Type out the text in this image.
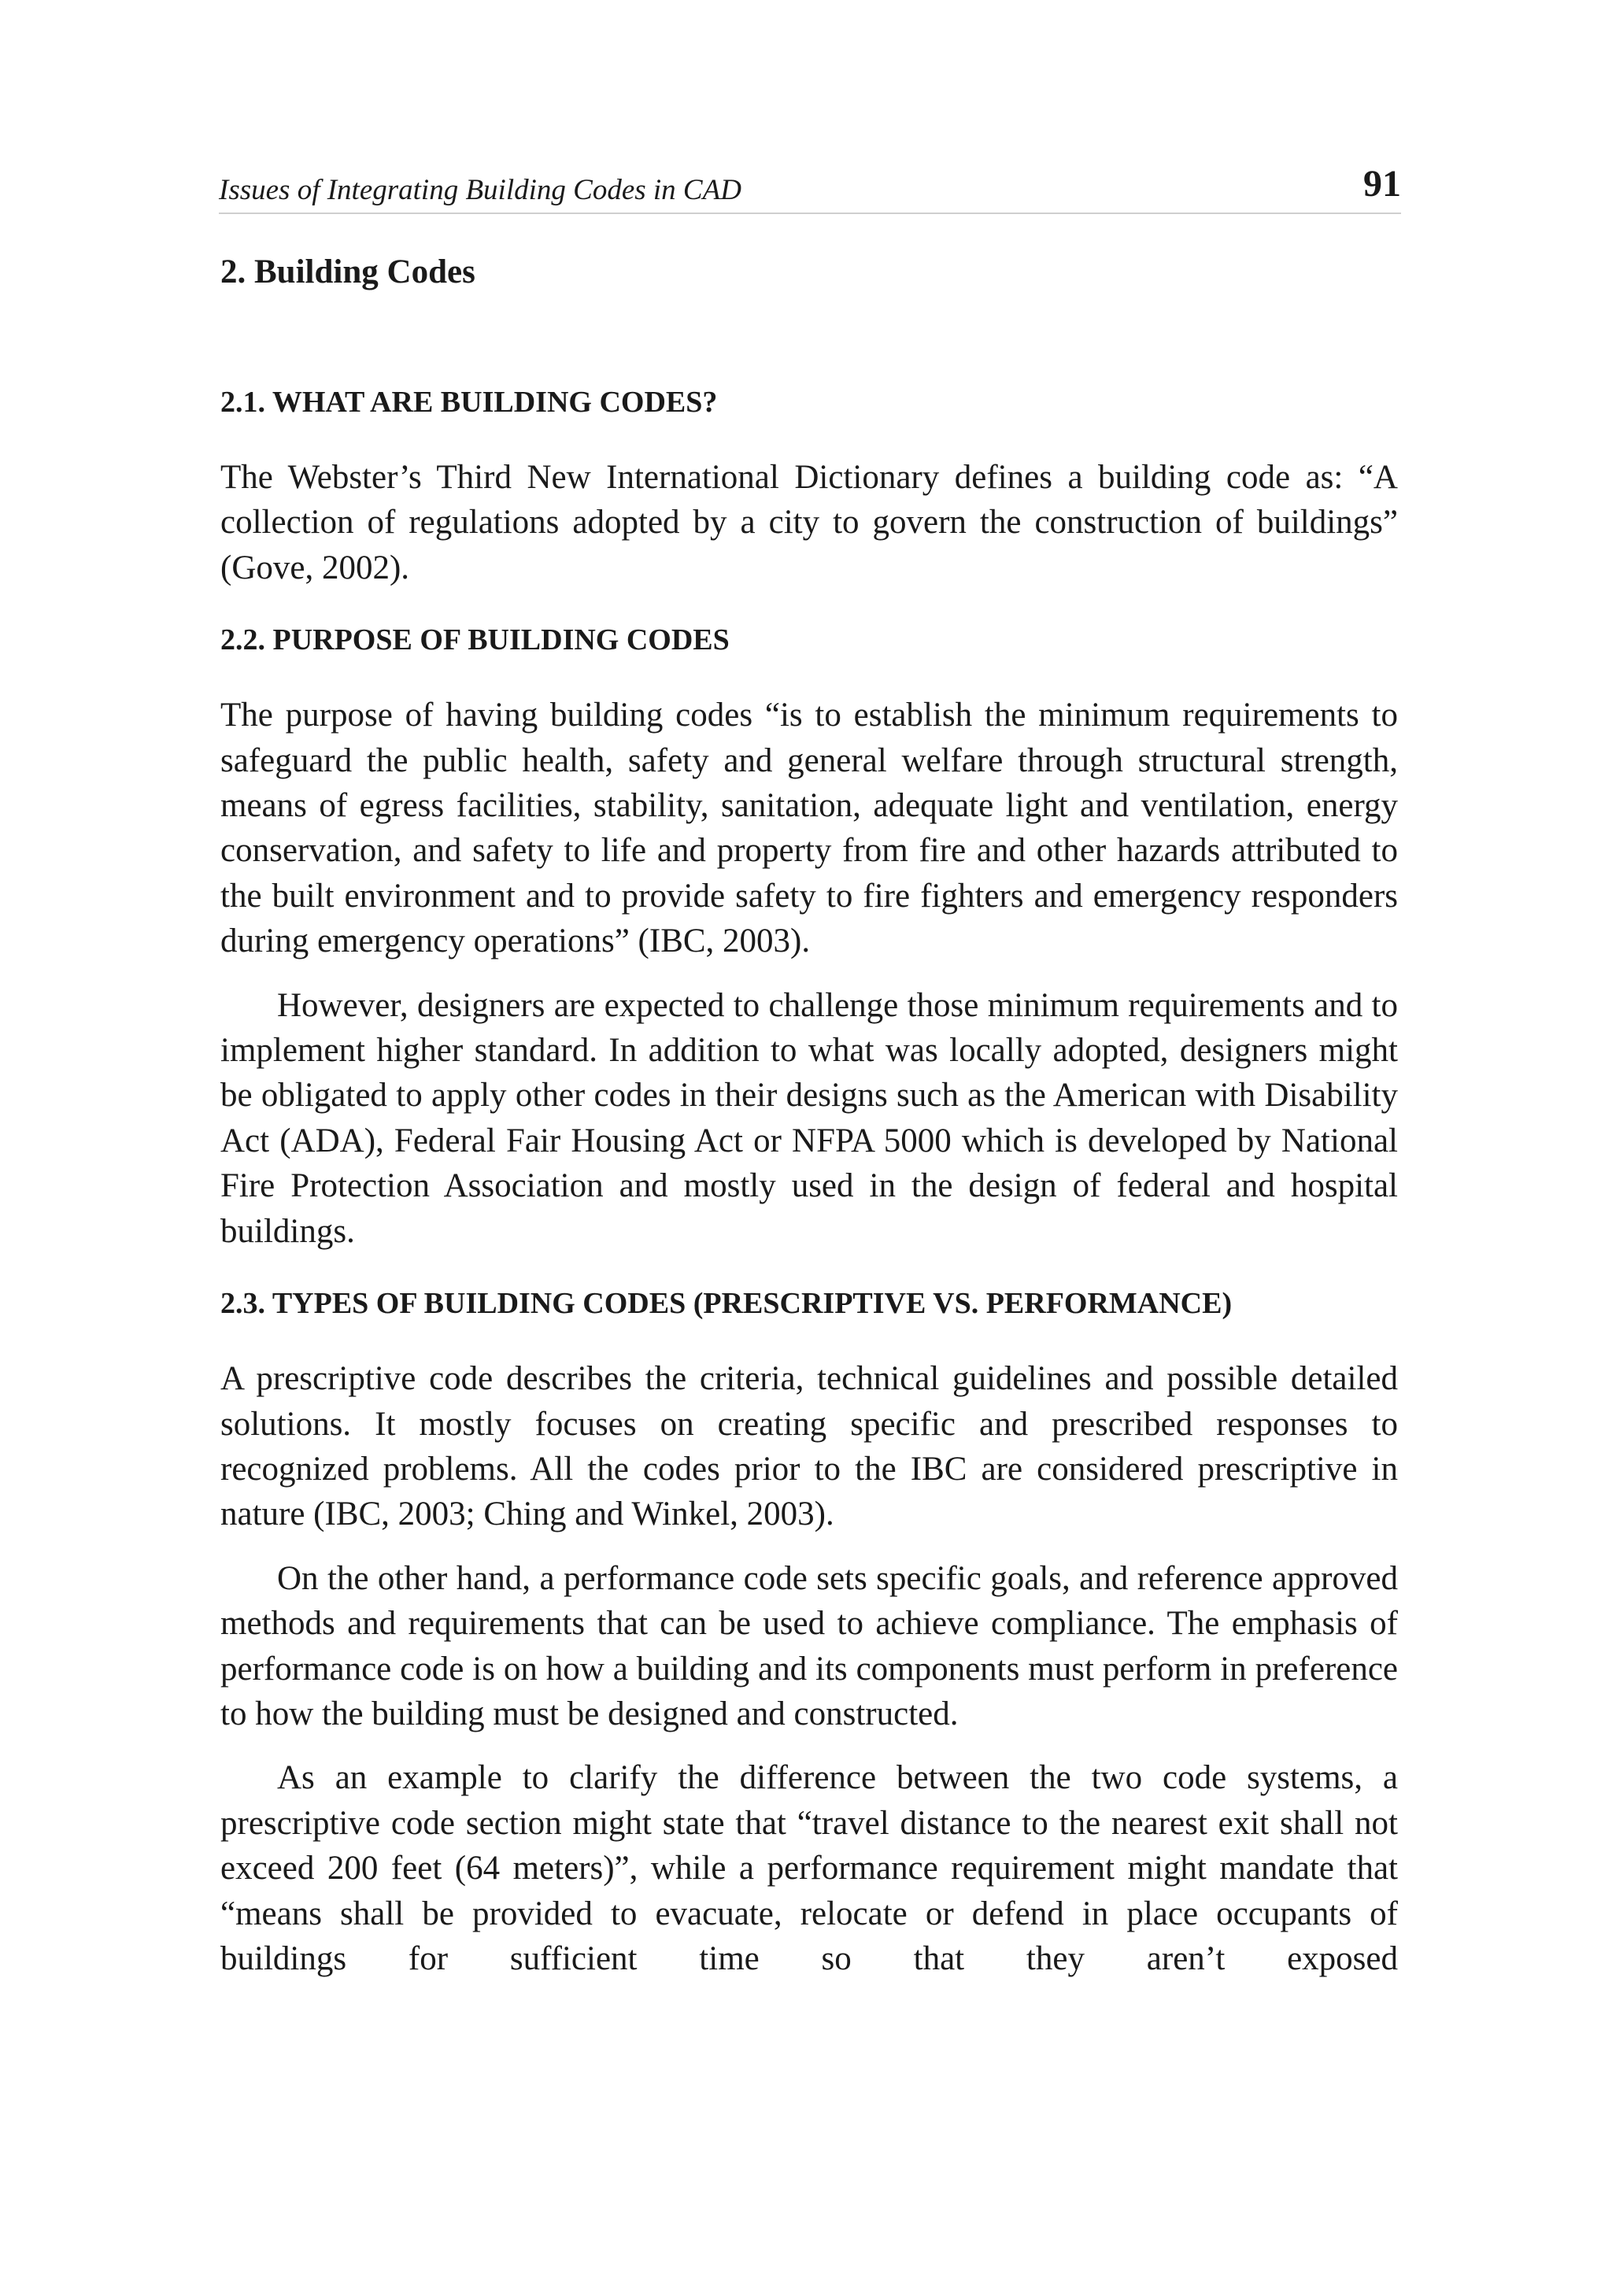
Issues of Integrating Building Codes in CAD	91
2. Building Codes
2.1. WHAT ARE BUILDING CODES?

The Webster’s Third New International Dictionary defines a building code as: “A collection of regulations adopted by a city to govern the construction of buildings” (Gove, 2002).

2.2. PURPOSE OF BUILDING CODES

The purpose of having building codes “is to establish the minimum requirements to safeguard the public health, safety and general welfare through structural strength, means of egress facilities, stability, sanitation, adequate light and ventilation, energy conservation, and safety to life and property from fire and other hazards attributed to the built environment and to provide safety to fire fighters and emergency responders during emergency operations” (IBC, 2003).

However, designers are expected to challenge those minimum requirements and to implement higher standard. In addition to what was locally adopted, designers might be obligated to apply other codes in their designs such as the American with Disability Act (ADA), Federal Fair Housing Act or NFPA 5000 which is developed by National Fire Protection Association and mostly used in the design of federal and hospital buildings.

2.3. TYPES OF BUILDING CODES (PRESCRIPTIVE VS. PERFORMANCE)

A prescriptive code describes the criteria, technical guidelines and possible detailed solutions. It mostly focuses on creating specific and prescribed responses to recognized problems. All the codes prior to the IBC are considered prescriptive in nature (IBC, 2003; Ching and Winkel, 2003).

On the other hand, a performance code sets specific goals, and reference approved methods and requirements that can be used to achieve compliance. The emphasis of performance code is on how a building and its components must perform in preference to how the building must be designed and constructed.

As an example to clarify the difference between the two code systems, a prescriptive code section might state that “travel distance to the nearest exit shall not exceed 200 feet (64 meters)”, while a performance requirement might mandate that “means shall be provided to evacuate, relocate or defend in place occupants of buildings for sufficient time so that they aren’t exposed
